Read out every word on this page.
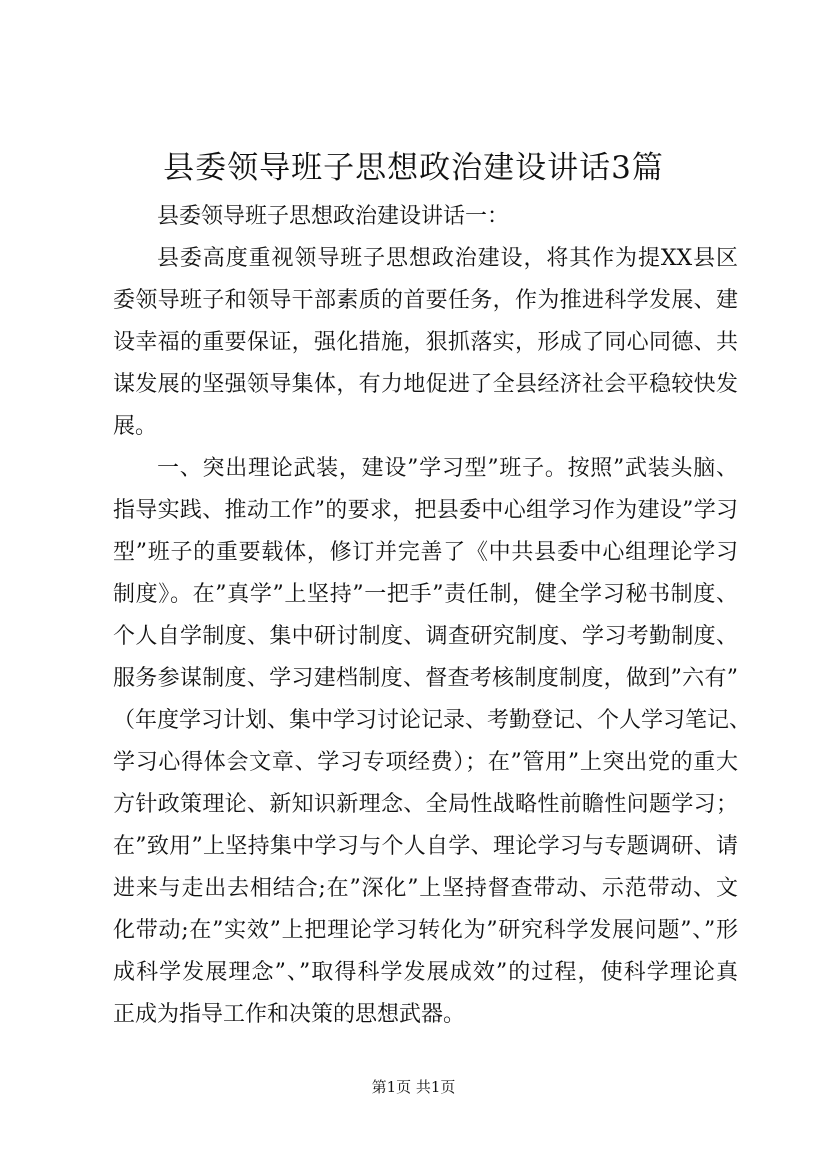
县委领导班子思想政治建设讲话3篇
县委领导班子思想政治建设讲话一：
县委高度重视领导班子思想政治建设，将其作为提XX县区
委领导班子和领导干部素质的首要任务，作为推进科学发展、建
设幸福的重要保证，强化措施，狠抓落实，形成了同心同德、共
谋发展的坚强领导集体，有力地促进了全县经济社会平稳较快发
展。
一、突出理论武装，建设”学习型”班子。按照”武装头脑、
指导实践、推动工作”的要求，把县委中心组学习作为建设”学习
型”班子的重要载体，修订并完善了《中共县委中心组理论学习
制度》。在”真学”上坚持”一把手”责任制，健全学习秘书制度、
个人自学制度、集中研讨制度、调查研究制度、学习考勤制度、
服务参谋制度、学习建档制度、督查考核制度制度，做到”六有”
（年度学习计划、集中学习讨论记录、考勤登记、个人学习笔记、
学习心得体会文章、学习专项经费）；在”管用”上突出党的重大
方针政策理论、新知识新理念、全局性战略性前瞻性问题学习；
在”致用”上坚持集中学习与个人自学、理论学习与专题调研、请
进来与走出去相结合;在”深化”上坚持督查带动、示范带动、文
化带动;在”实效”上把理论学习转化为”研究科学发展问题”、”形
成科学发展理念”、”取得科学发展成效”的过程，使科学理论真
正成为指导工作和决策的思想武器。
第1页 共1页
